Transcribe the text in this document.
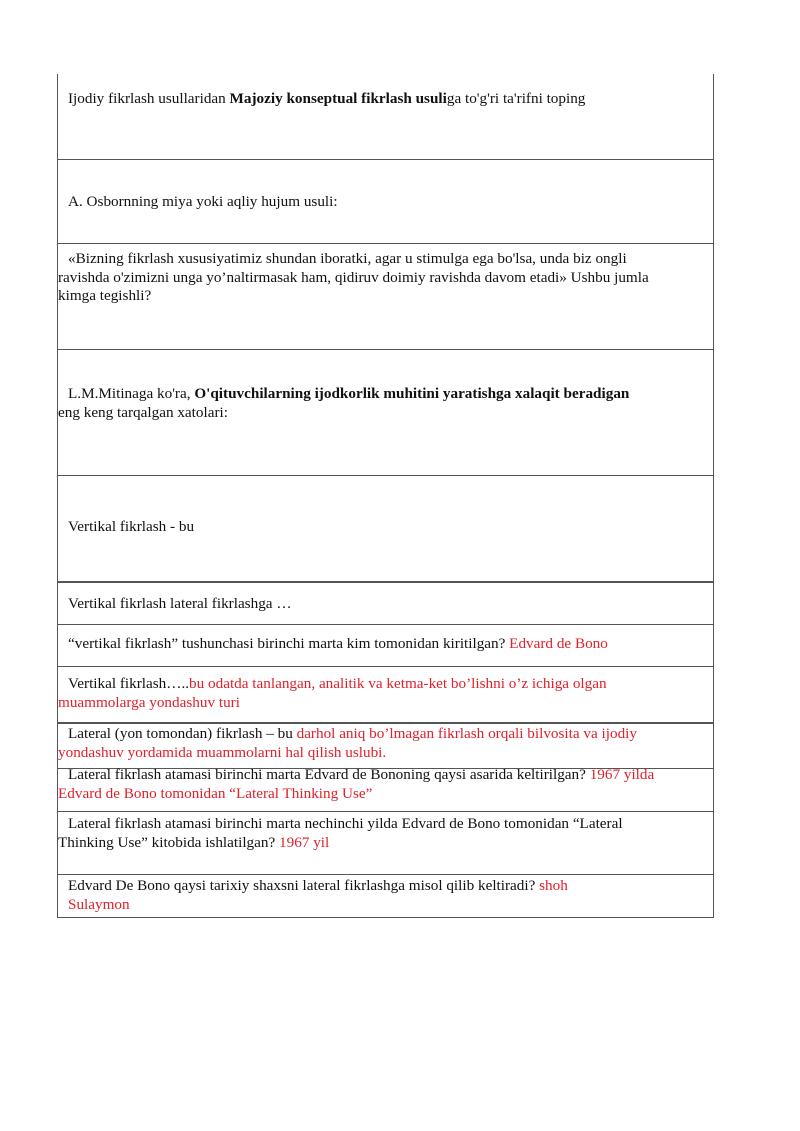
Ijodiy fikrlash usullaridan Majoziy konseptual fikrlash usuliga to'g'ri ta'rifni toping
A. Osbornning miya yoki aqliy hujum usuli:
«Bizning fikrlash xususiyatimiz shundan iboratki, agar u stimulga ega bo'lsa, unda biz ongli
ravishda o'zimizni unga yo’naltirmasak ham, qidiruv doimiy ravishda davom etadi» Ushbu jumla
kimga tegishli?
L.M.Mitinaga ko'ra, O'qituvchilarning ijodkorlik muhitini yaratishga xalaqit beradigan
eng keng tarqalgan xatolari:
Vertikal fikrlash - bu
Vertikal fikrlash lateral fikrlashga …
“vertikal fikrlash” tushunchasi birinchi marta kim tomonidan kiritilgan? Edvard de Bono
Vertikal fikrlash…..bu odatda tanlangan, analitik va ketma-ket bo’lishni o’z ichiga olgan
muammolarga yondashuv turi
Lateral (yon tomondan) fikrlash – bu darhol aniq bo’lmagan fikrlash orqali bilvosita va ijodiy
yondashuv yordamida muammolarni hal qilish uslubi.
Lateral fikrlash atamasi birinchi marta Edvard de Bononing qaysi asarida keltirilgan? 1967 yilda
Edvard de Bono tomonidan “Lateral Thinking Use”
Lateral fikrlash atamasi birinchi marta nechinchi yilda Edvard de Bono tomonidan “Lateral
Thinking Use” kitobida ishlatilgan? 1967 yil
Edvard De Bono qaysi tarixiy shaxsni lateral fikrlashga misol qilib keltiradi? shoh
Sulaymon
